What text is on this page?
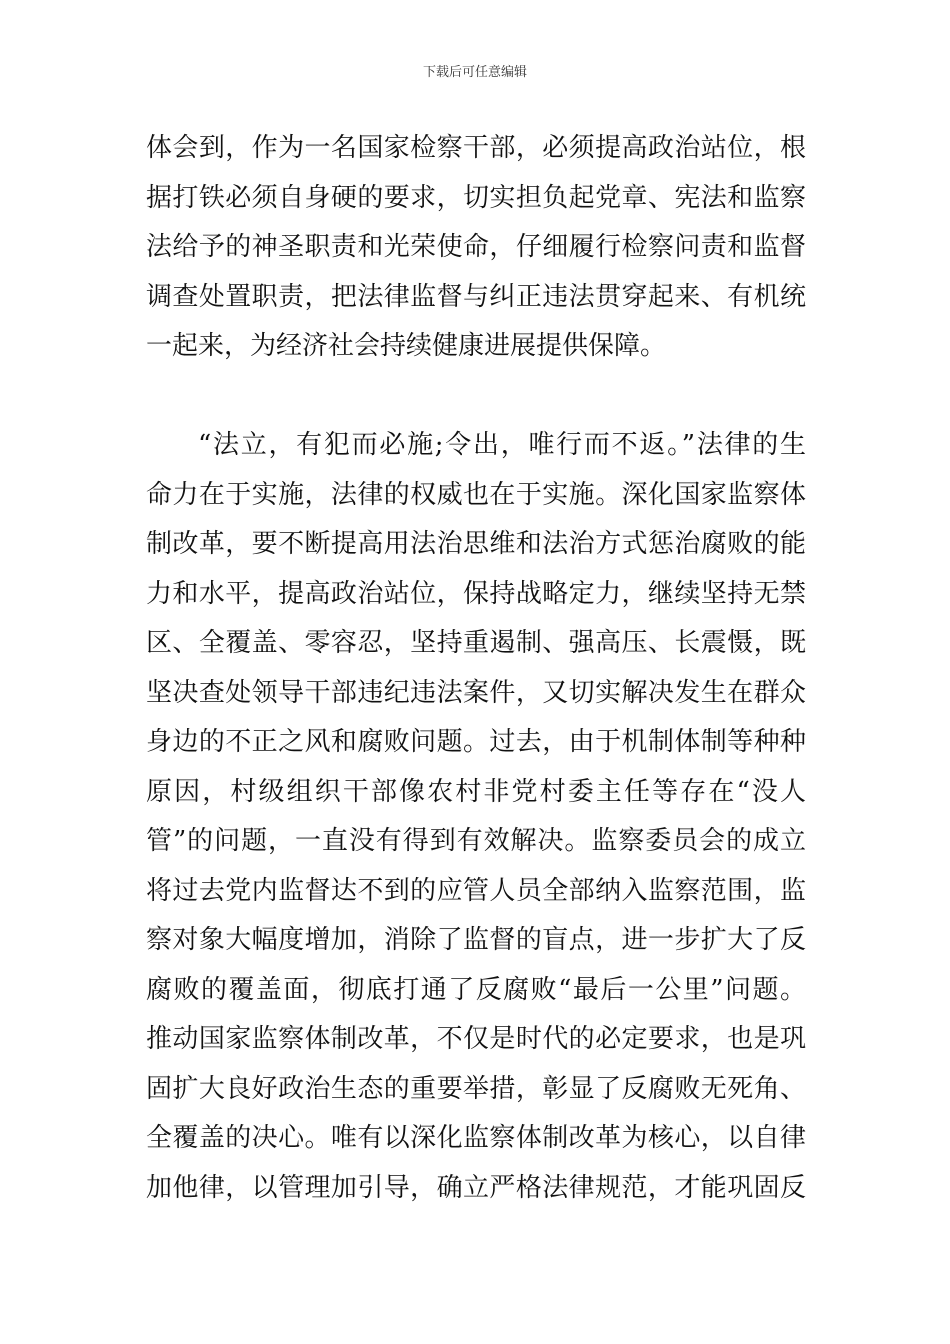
下载后可任意编辑
体会到，作为一名国家检察干部，必须提高政治站位，根
据打铁必须自身硬的要求，切实担负起党章、宪法和监察
法给予的神圣职责和光荣使命，仔细履行检察问责和监督
调查处置职责，把法律监督与纠正违法贯穿起来、有机统
一起来，为经济社会持续健康进展提供保障。
“法立，有犯而必施;令出，唯行而不返。”法律的生
命力在于实施，法律的权威也在于实施。深化国家监察体
制改革，要不断提高用法治思维和法治方式惩治腐败的能
力和水平，提高政治站位，保持战略定力，继续坚持无禁
区、全覆盖、零容忍，坚持重遏制、强高压、长震慑，既
坚决查处领导干部违纪违法案件，又切实解决发生在群众
身边的不正之风和腐败问题。过去，由于机制体制等种种
原因，村级组织干部像农村非党村委主任等存在“没人
管”的问题，一直没有得到有效解决。监察委员会的成立
将过去党内监督达不到的应管人员全部纳入监察范围，监
察对象大幅度增加，消除了监督的盲点，进一步扩大了反
腐败的覆盖面，彻底打通了反腐败“最后一公里”问题。
推动国家监察体制改革，不仅是时代的必定要求，也是巩
固扩大良好政治生态的重要举措，彰显了反腐败无死角、
全覆盖的决心。唯有以深化监察体制改革为核心，以自律
加他律，以管理加引导，确立严格法律规范，才能巩固反
